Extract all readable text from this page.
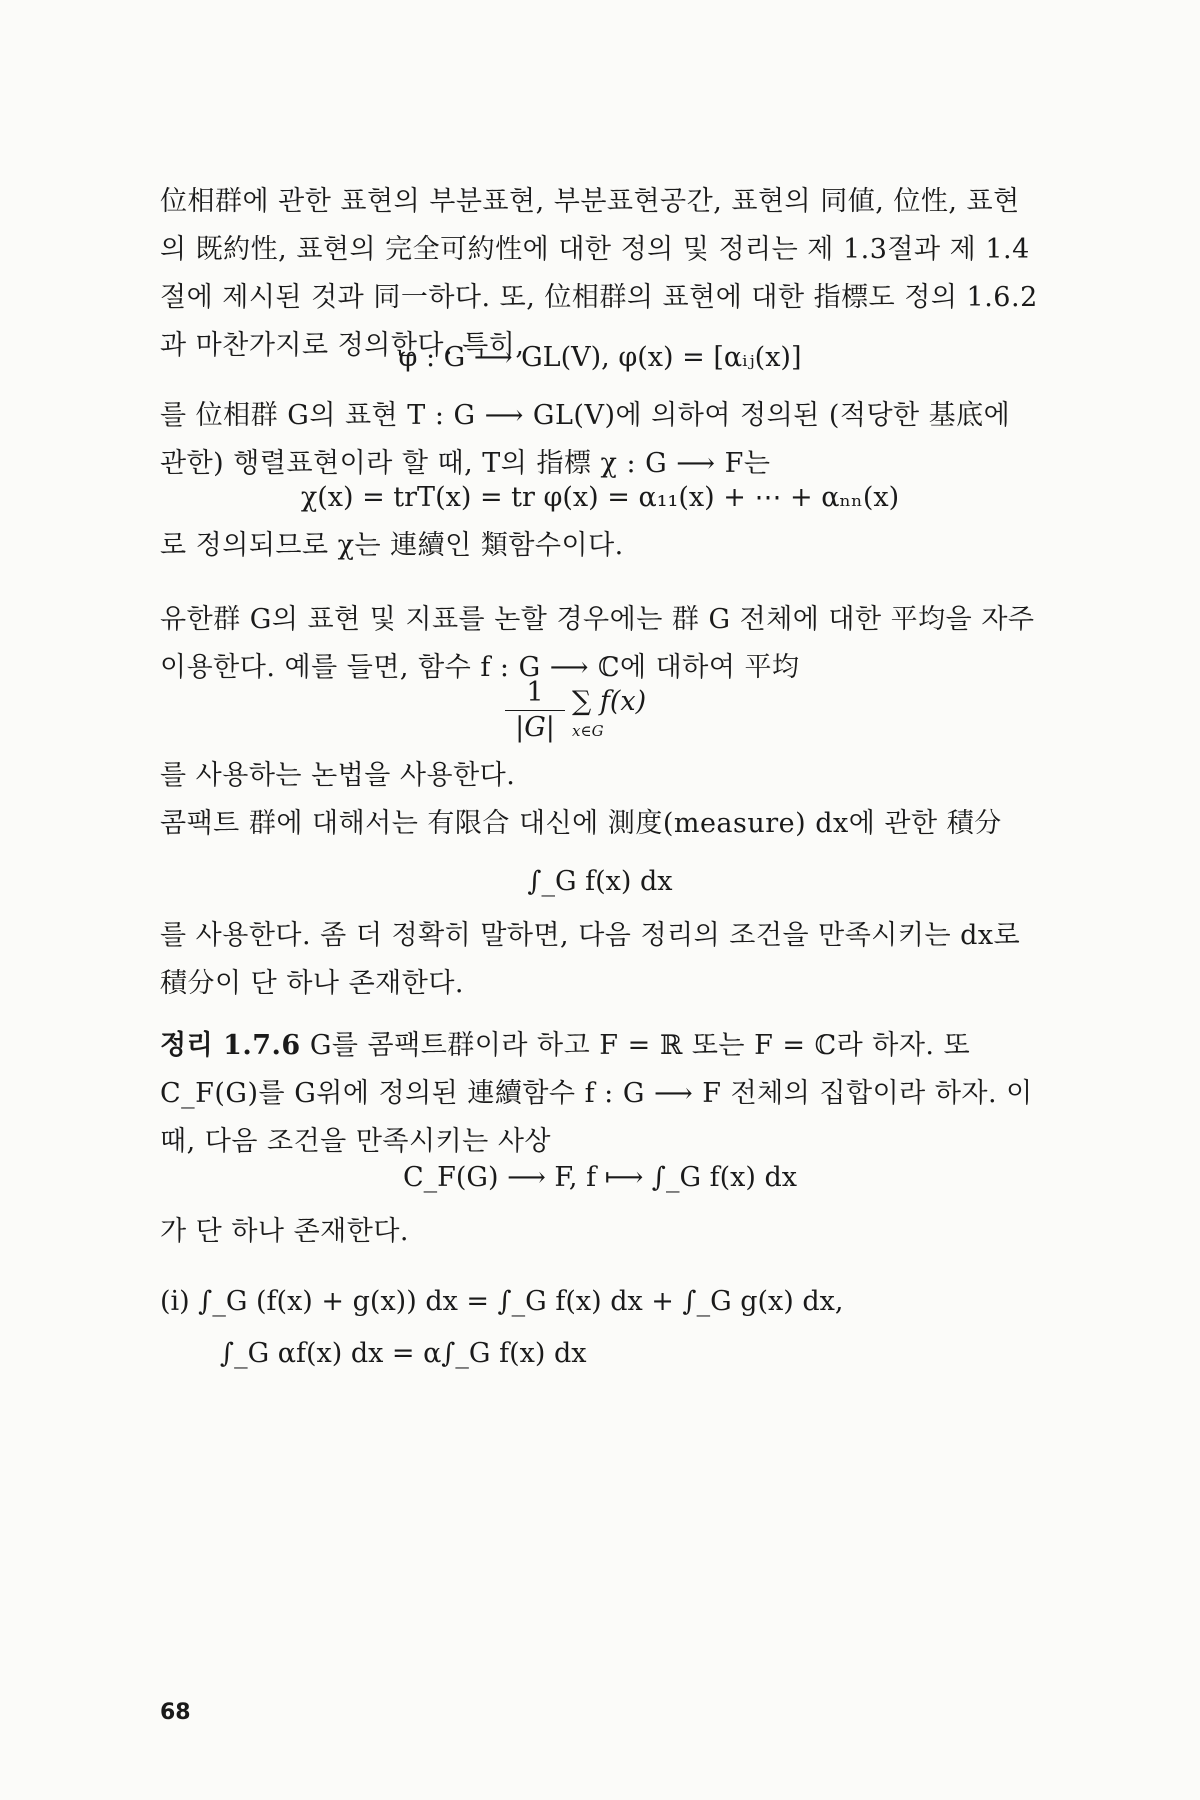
位相群에 관한 표현의 부분표현, 부분표현공간, 표현의 同値, 位性, 표현의 既約性, 표현의 完全可約性에 대한 정의 및 정리는 제 1.3절과 제 1.4절에 제시된 것과 同一하다. 또, 位相群의 표현에 대한 指標도 정의 1.6.2과 마찬가지로 정의한다. 특히,
φ : G ⟶ GL(V), φ(x) = [αᵢⱼ(x)]
를 位相群 G의 표현 T : G ⟶ GL(V)에 의하여 정의된 (적당한 基底에 관한) 행렬표현이라 할 때, T의 指標 χ : G ⟶ F는
χ(x) = trT(x) = tr φ(x) = α₁₁(x) + ⋯ + αₙₙ(x)
로 정의되므로 χ는 連續인 類함수이다.
유한群 G의 표현 및 지표를 논할 경우에는 群 G 전체에 대한 平均을 자주 이용한다. 예를 들면, 함수 f : G ⟶ ℂ에 대하여 平均
$\frac{1}{|G|}$ ∑ f(x)
x∈G
를 사용하는 논법을 사용한다.
콤팩트 群에 대해서는 有限合 대신에 測度(measure) dx에 관한 積分
∫_G f(x) dx
를 사용한다. 좀 더 정확히 말하면, 다음 정리의 조건을 만족시키는 dx로 積分이 단 하나 존재한다.
정리 1.7.6 G를 콤팩트群이라 하고 F = ℝ 또는 F = ℂ라 하자. 또 C_F(G)를 G위에 정의된 連續함수 f : G ⟶ F 전체의 집합이라 하자. 이 때, 다음 조건을 만족시키는 사상
C_F(G) ⟶ F, f ⟼ ∫_G f(x) dx
가 단 하나 존재한다.
(i) ∫_G (f(x) + g(x)) dx = ∫_G f(x) dx + ∫_G g(x) dx,
∫_G αf(x) dx = α∫_G f(x) dx
68
